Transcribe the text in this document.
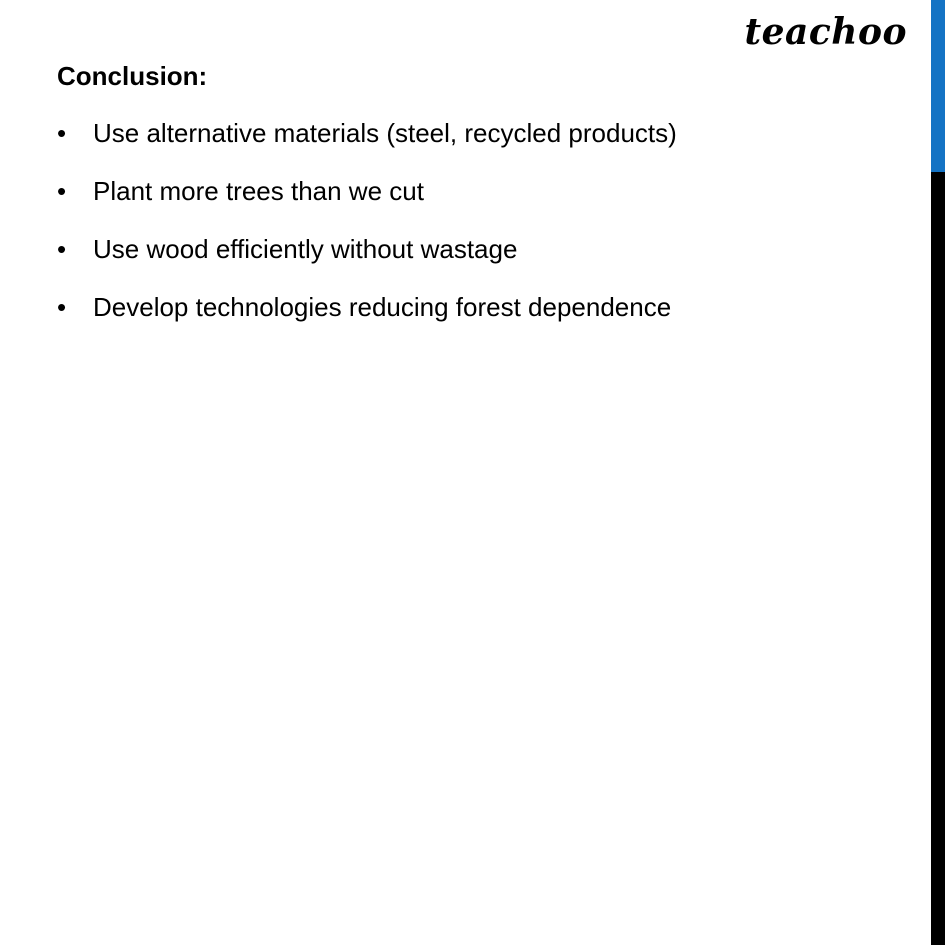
teachoo
Conclusion:
•	Use alternative materials (steel, recycled products)
•	Plant more trees than we cut
•	Use wood efficiently without wastage
•	Develop technologies reducing forest dependence
